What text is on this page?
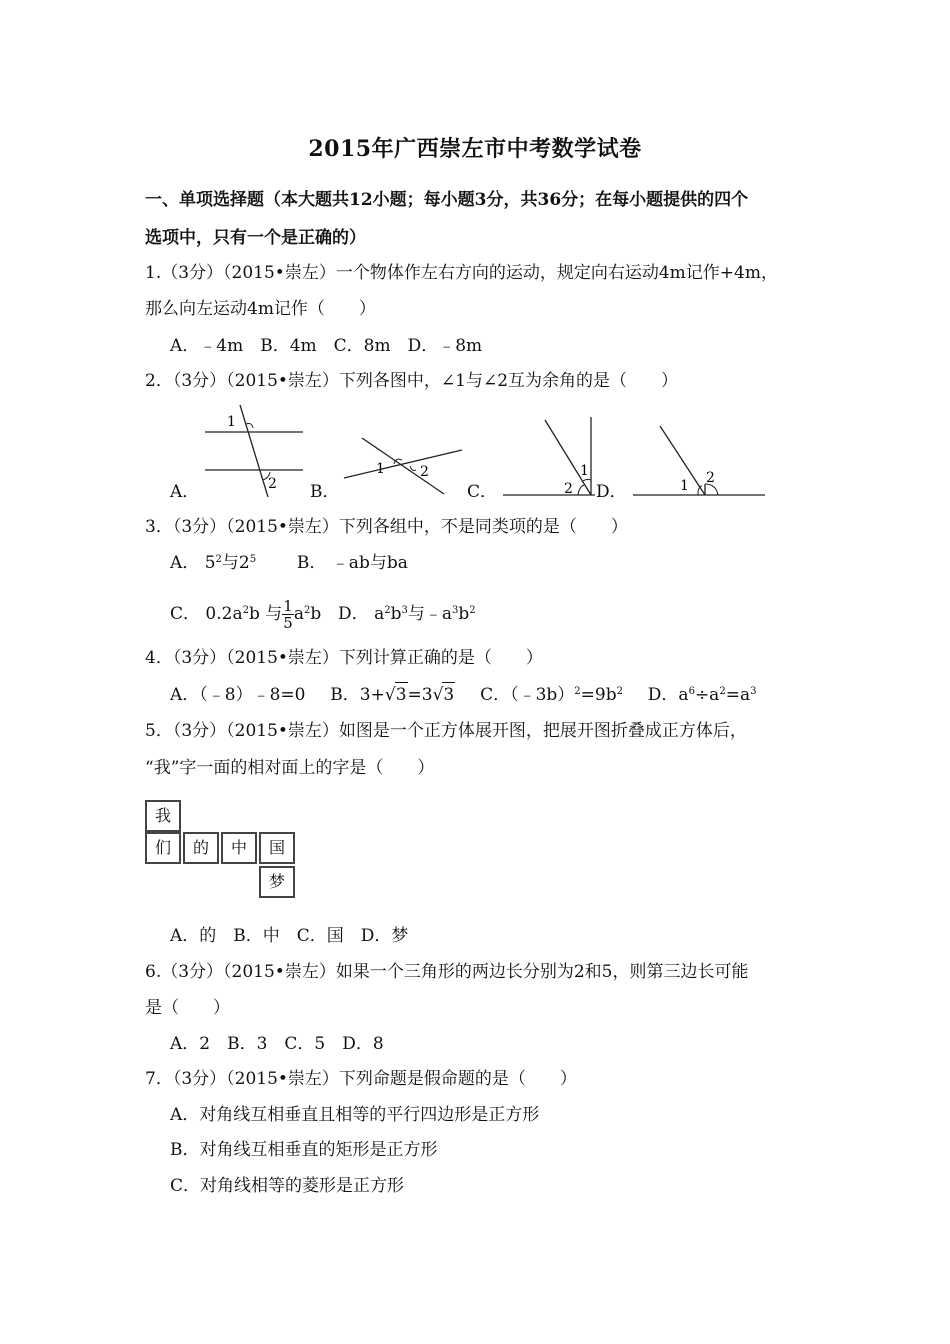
2015年广西崇左市中考数学试卷
一、单项选择题（本大题共12小题；每小题3分，共36分；在每小题提供的四个
选项中，只有一个是正确的）
1.（3分）（2015•崇左）一个物体作左右方向的运动，规定向右运动4m记作+4m，
那么向左运动4m记作（　　）
A．﹣4m　B．4m　C．8m　D．﹣8m
2．（3分）（2015•崇左）下列各图中，∠1与∠2互为余角的是（　　）
A．
1
2 B．
1	2
C．
1
2 D．	1 2
3．（3分）（2015•崇左）下列各组中，不是同类项的是（　　）
A． $5^2$与$2^5$ B． ﹣ab与ba
C． $0.2a^2b$ 与 $\frac{1}{5} a^2b$ D． $a^2b^3$与$﹣a^3b^2$
4．（3分）（2015•崇左）下列计算正确的是（　　）
A．（﹣8）﹣8=0 B．3+√3=3√3 C．$(﹣3b)^2=9b^2$ D．$a^6\div a^2=a^3$
5．（3分）（2015•崇左）如图是一个正方体展开图，把展开图折叠成正方体后，
“我”字一面的相对面上的字是（　　）
我
们	的	中	国
梦
A．的　B．中　C．国　D．梦
6.（3分）（2015•崇左）如果一个三角形的两边长分别为2和5，则第三边长可能
是（　　）
A．2　B．3　C．5　D．8
7．（3分）（2015•崇左）下列命题是假命题的是（　　）
A．对角线互相垂直且相等的平行四边形是正方形
B．对角线互相垂直的矩形是正方形
C．对角线相等的菱形是正方形
